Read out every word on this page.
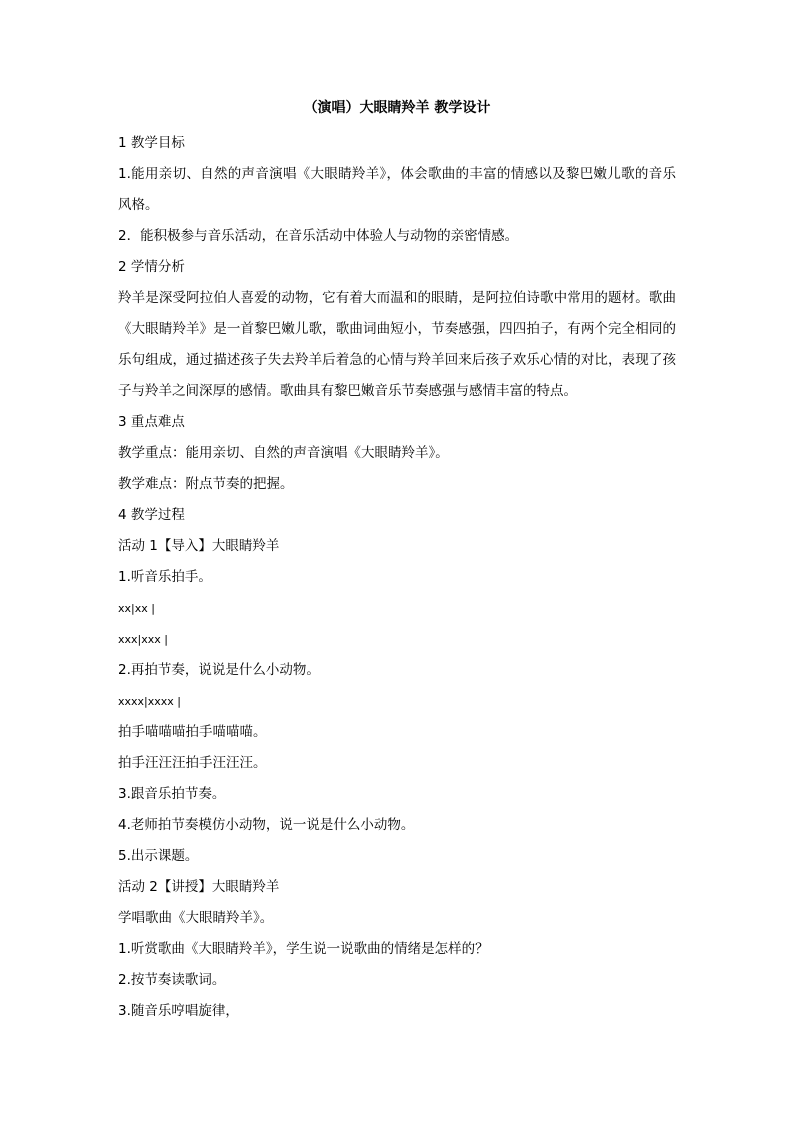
（演唱）大眼睛羚羊 教学设计
1 教学目标
1.能用亲切、自然的声音演唱《大眼睛羚羊》，体会歌曲的丰富的情感以及黎巴嫩儿歌的音乐风格。
2．能积极参与音乐活动，在音乐活动中体验人与动物的亲密情感。
2 学情分析
羚羊是深受阿拉伯人喜爱的动物，它有着大而温和的眼睛，是阿拉伯诗歌中常用的题材。歌曲《大眼睛羚羊》是一首黎巴嫩儿歌，歌曲词曲短小，节奏感强，四四拍子，有两个完全相同的乐句组成，通过描述孩子失去羚羊后着急的心情与羚羊回来后孩子欢乐心情的对比，表现了孩子与羚羊之间深厚的感情。歌曲具有黎巴嫩音乐节奏感强与感情丰富的特点。
3 重点难点
教学重点：能用亲切、自然的声音演唱《大眼睛羚羊》。
教学难点：附点节奏的把握。
4 教学过程
活动 1【导入】大眼睛羚羊
1.听音乐拍手。
xx|xx |
xxx|xxx |
2.再拍节奏，说说是什么小动物。
xxxx|xxxx |
拍手喵喵喵拍手喵喵喵。
拍手汪汪汪拍手汪汪汪。
3.跟音乐拍节奏。
4.老师拍节奏模仿小动物，说一说是什么小动物。
5.出示课题。
活动 2【讲授】大眼睛羚羊
学唱歌曲《大眼睛羚羊》。
1.听赏歌曲《大眼睛羚羊》，学生说一说歌曲的情绪是怎样的？
2.按节奏读歌词。
3.随音乐哼唱旋律，
